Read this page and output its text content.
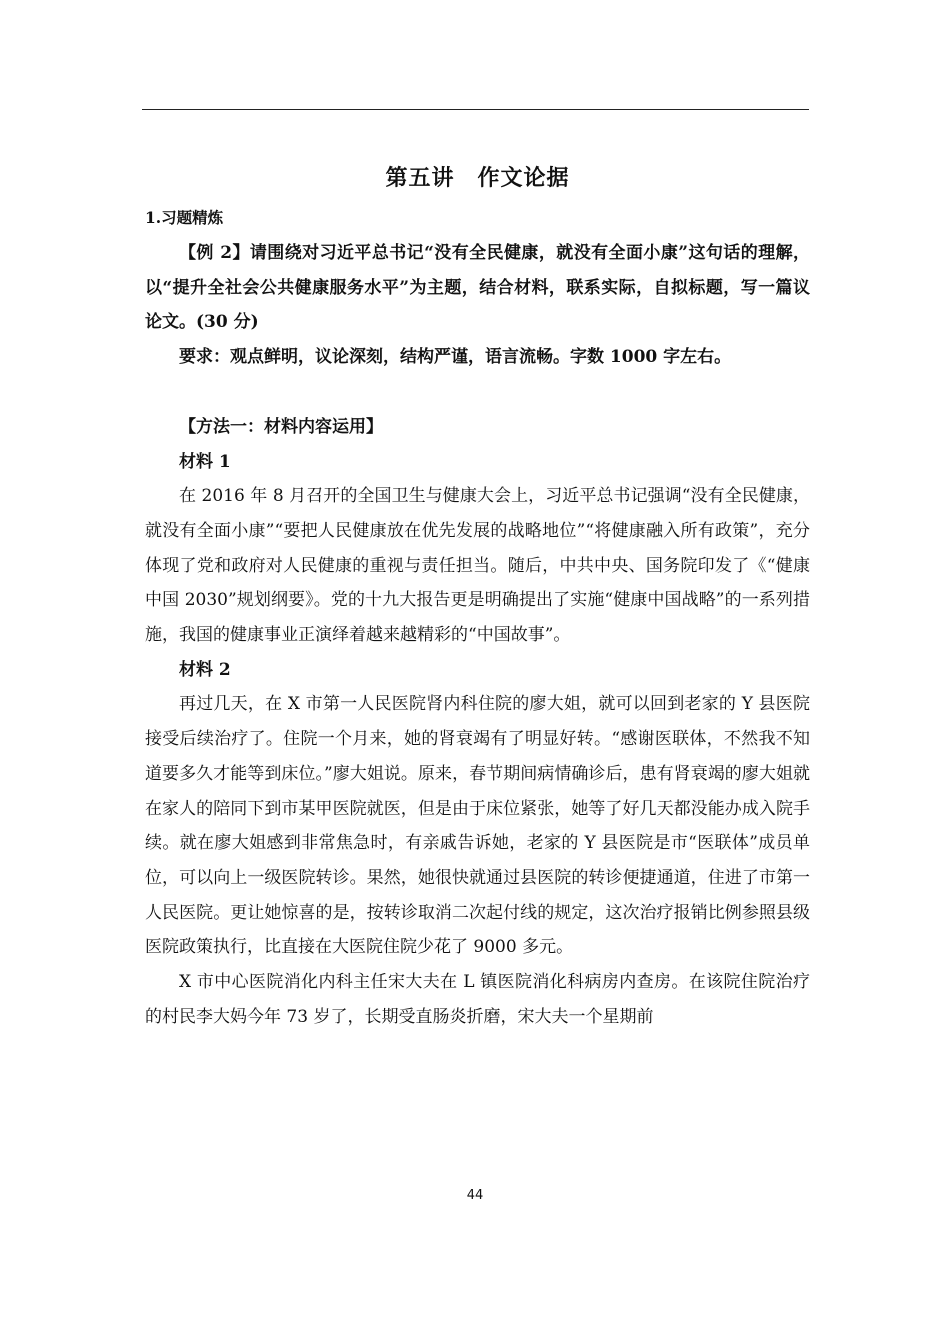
第五讲　作文论据
1.习题精炼

【例 2】请围绕对习近平总书记“没有全民健康，就没有全面小康”这句话的理解，以“提升全社会公共健康服务水平”为主题，结合材料，联系实际，自拟标题，写一篇议论文。(30 分)

要求：观点鲜明，议论深刻，结构严谨，语言流畅。字数 1000 字左右。

【方法一：材料内容运用】

材料 1

在 2016 年 8 月召开的全国卫生与健康大会上，习近平总书记强调“没有全民健康，就没有全面小康”“要把人民健康放在优先发展的战略地位”“将健康融入所有政策”，充分体现了党和政府对人民健康的重视与责任担当。随后，中共中央、国务院印发了《“健康中国 2030”规划纲要》。党的十九大报告更是明确提出了实施“健康中国战略”的一系列措施，我国的健康事业正演绎着越来越精彩的“中国故事”。

材料 2

再过几天，在 X 市第一人民医院肾内科住院的廖大姐，就可以回到老家的 Y 县医院接受后续治疗了。住院一个月来，她的肾衰竭有了明显好转。“感谢医联体，不然我不知道要多久才能等到床位。”廖大姐说。原来，春节期间病情确诊后，患有肾衰竭的廖大姐就在家人的陪同下到市某甲医院就医，但是由于床位紧张，她等了好几天都没能办成入院手续。就在廖大姐感到非常焦急时，有亲戚告诉她，老家的 Y 县医院是市“医联体”成员单位，可以向上一级医院转诊。果然，她很快就通过县医院的转诊便捷通道，住进了市第一人民医院。更让她惊喜的是，按转诊取消二次起付线的规定，这次治疗报销比例参照县级医院政策执行，比直接在大医院住院少花了 9000 多元。

X 市中心医院消化内科主任宋大夫在 L 镇医院消化科病房内查房。在该院住院治疗的村民李大妈今年 73 岁了，长期受直肠炎折磨，宋大夫一个星期前

44
